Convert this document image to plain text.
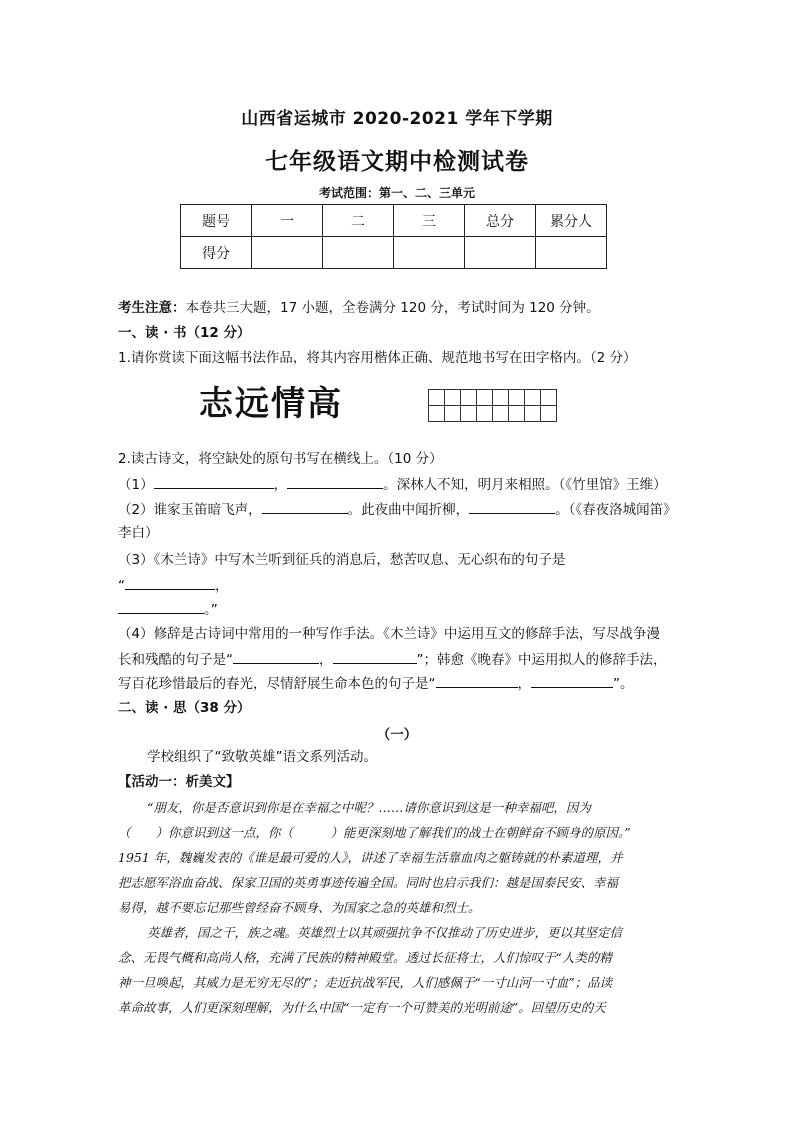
山西省运城市 2020-2021 学年下学期
七年级语文期中检测试卷
考试范围：第一、二、三单元
题号	一	二	三	总分	累分人
得分					
考生注意：本卷共三大题，17 小题，全卷满分 120 分，考试时间为 120 分钟。
一、读 · 书（12 分）
1.请你赏读下面这幅书法作品，将其内容用楷体正确、规范地书写在田字格内。（2 分）
志远情高

2.读古诗文，将空缺处的原句书写在横线上。（10 分）
（1）	，	。深林人不知，明月来相照。（《竹里馆》王维）
（2）谁家玉笛暗飞声，	。此夜曲中闻折柳，	。（《春夜洛城闻笛》
李白）
（3）《木兰诗》中写木兰听到征兵的消息后，愁苦叹息、无心织布的句子是
“	，
。”
（4）修辞是古诗词中常用的一种写作手法。《木兰诗》中运用互文的修辞手法，写尽战争漫
长和残酷的句子是“	，	”；韩愈《晚春》中运用拟人的修辞手法，
写百花珍惜最后的春光，尽情舒展生命本色的句子是“	，	”。
二、读 · 思（38 分）
（一）
学校组织了“致敬英雄”语文系列活动。
【活动一：析美文】
“朋友，你是否意识到你是在幸福之中呢？……请你意识到这是一种幸福吧，因为
（　　）你意识到这一点，你（　　　）能更深刻地了解我们的战士在朝鲜奋不顾身的原因。”
1951 年，魏巍发表的《谁是最可爱的人》，讲述了幸福生活靠血肉之躯铸就的朴素道理，并
把志愿军浴血奋战、保家卫国的英勇事迹传遍全国。同时也启示我们：越是国泰民安、幸福
易得，越不要忘记那些曾经奋不顾身、为国家之急的英雄和烈士。
英雄者，国之干，族之魂。英雄烈士以其顽强抗争不仅推动了历史进步，更以其坚定信
念、无畏气概和高尚人格，充满了民族的精神殿堂。透过长征将士，人们惊叹于“人类的精
神一旦唤起，其威力是无穷无尽的”；走近抗战军民，人们感佩于“一寸山河一寸血”；品读
革命故事，人们更深刻理解，为什么中国“一定有一个可赞美的光明前途”。回望历史的天
